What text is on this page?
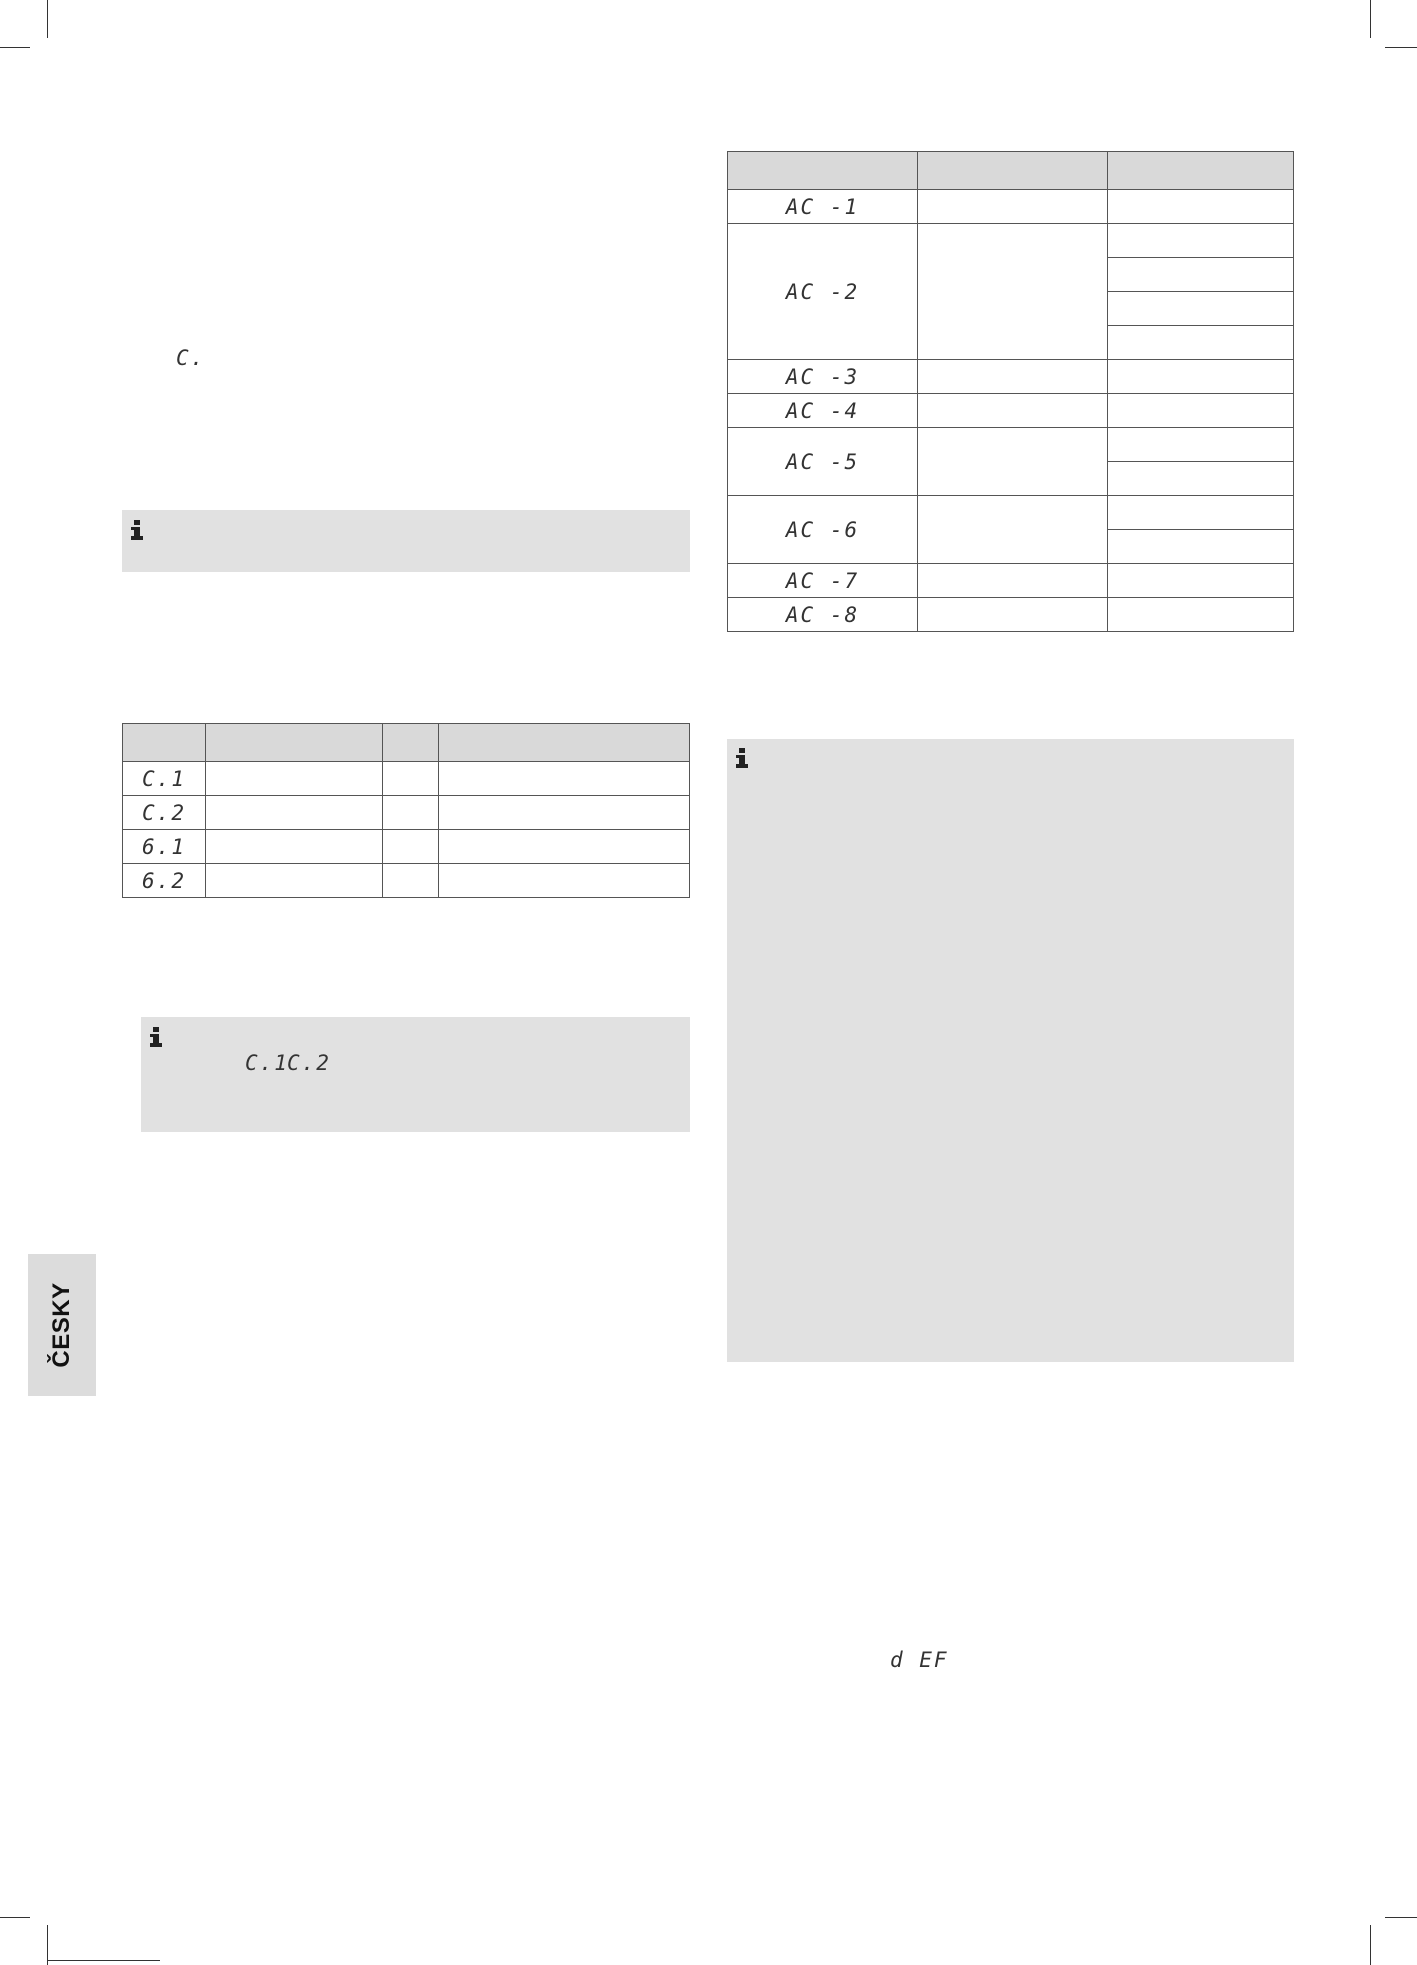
C.

C.1			
C.2			
6.1			
6.2			
C.1
C.2
ČESKY

AC -1		
AC -2		

AC -3		
AC -4		
AC -5		

AC -6		

AC -7		
AC -8		
d EF
